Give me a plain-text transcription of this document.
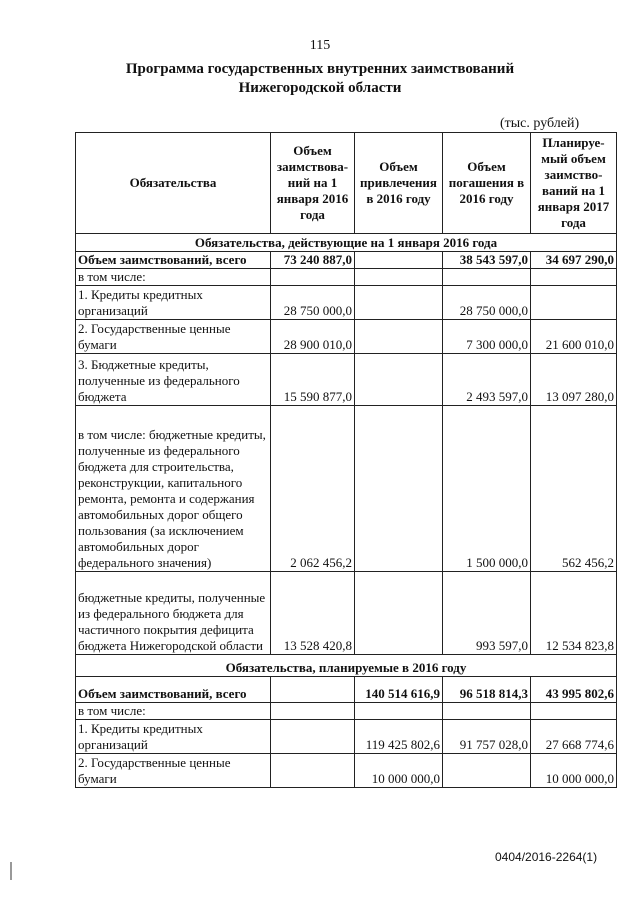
115
Программа государственных внутренних заимствований
Нижегородской области
(тыс. рублей)
Обязательства	Объем заимствова-ний на 1 января 2016 года	Объем привлечения в 2016 году	Объем погашения в 2016 году	Планируе-мый объем заимство-ваний на 1 января 2017 года
Обязательства, действующие на 1 января 2016 года				
Объем заимствований, всего	73 240 887,0		38 543 597,0	34 697 290,0
в том числе:				
1. Кредиты кредитных организаций	28 750 000,0		28 750 000,0	
2. Государственные ценные бумаги	28 900 010,0		7 300 000,0	21 600 010,0
3. Бюджетные кредиты, полученные из федерального бюджета	15 590 877,0		2 493 597,0	13 097 280,0
в том числе: бюджетные кредиты, полученные из федерального бюджета для строительства, реконструкции, капитального ремонта, ремонта и содержания автомобильных дорог общего пользования (за исключением автомобильных дорог федерального значения)	2 062 456,2		1 500 000,0	562 456,2
бюджетные кредиты, полученные из федерального бюджета для частичного покрытия дефицита бюджета Нижегородской области	13 528 420,8		993 597,0	12 534 823,8
Обязательства, планируемые в 2016 году				
Объем заимствований, всего		140 514 616,9	96 518 814,3	43 995 802,6
в том числе:				
1. Кредиты кредитных организаций		119 425 802,6	91 757 028,0	27 668 774,6
2. Государственные ценные бумаги		10 000 000,0		10 000 000,0
0404/2016-2264(1)
